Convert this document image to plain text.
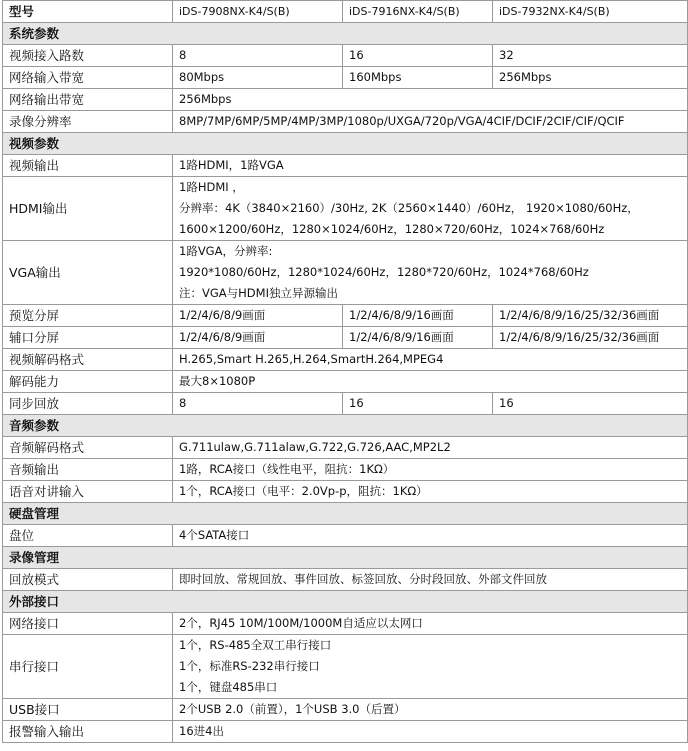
型号	iDS-7908NX-K4/S(B)	iDS-7916NX-K4/S(B)	iDS-7932NX-K4/S(B)
系统参数			
视频接入路数	8	16	32
网络输入带宽	80Mbps	160Mbps	256Mbps
网络输出带宽	256Mbps		
录像分辨率	8MP/7MP/6MP/5MP/4MP/3MP/1080p/UXGA/720p/VGA/4CIF/DCIF/2CIF/CIF/QCIF		
视频参数			
视频输出	1路HDMI，1路VGA		
HDMI输出	1路HDMI ，
分辨率：4K（3840×2160）/30Hz, 2K（2560×1440）/60Hz， 1920×1080/60Hz，
1600×1200/60Hz，1280×1024/60Hz，1280×720/60Hz，1024×768/60Hz		

VGA输出	1路VGA，分辨率:
1920*1080/60Hz，1280*1024/60Hz，1280*720/60Hz，1024*768/60Hz
注：VGA与HDMI独立异源输出		

预览分屏	1/2/4/6/8/9画面	1/2/4/6/8/9/16画面	1/2/4/6/8/9/16/25/32/36画面
辅口分屏	1/2/4/6/8/9画面	1/2/4/6/8/9/16画面	1/2/4/6/8/9/16/25/32/36画面
视频解码格式	H.265,Smart H.265,H.264,SmartH.264,MPEG4		
解码能力	最大8×1080P		
同步回放	8	16	16
音频参数			
音频解码格式	G.711ulaw,G.711alaw,G.722,G.726,AAC,MP2L2		
音频输出	1路，RCA接口（线性电平，阻抗：1KΩ）		
语音对讲输入	1个，RCA接口（电平：2.0Vp-p，阻抗：1KΩ）		
硬盘管理			
盘位	4个SATA接口		
录像管理			
回放模式	即时回放、常规回放、事件回放、标签回放、分时段回放、外部文件回放		
外部接口			
网络接口	2个，RJ45 10M/100M/1000M自适应以太网口		
串行接口	1个，RS-485全双工串行接口
1个，标准RS-232串行接口
1个，键盘485串口		

USB接口	2个USB 2.0（前置），1个USB 3.0（后置）		
报警输入输出	16进4出		
